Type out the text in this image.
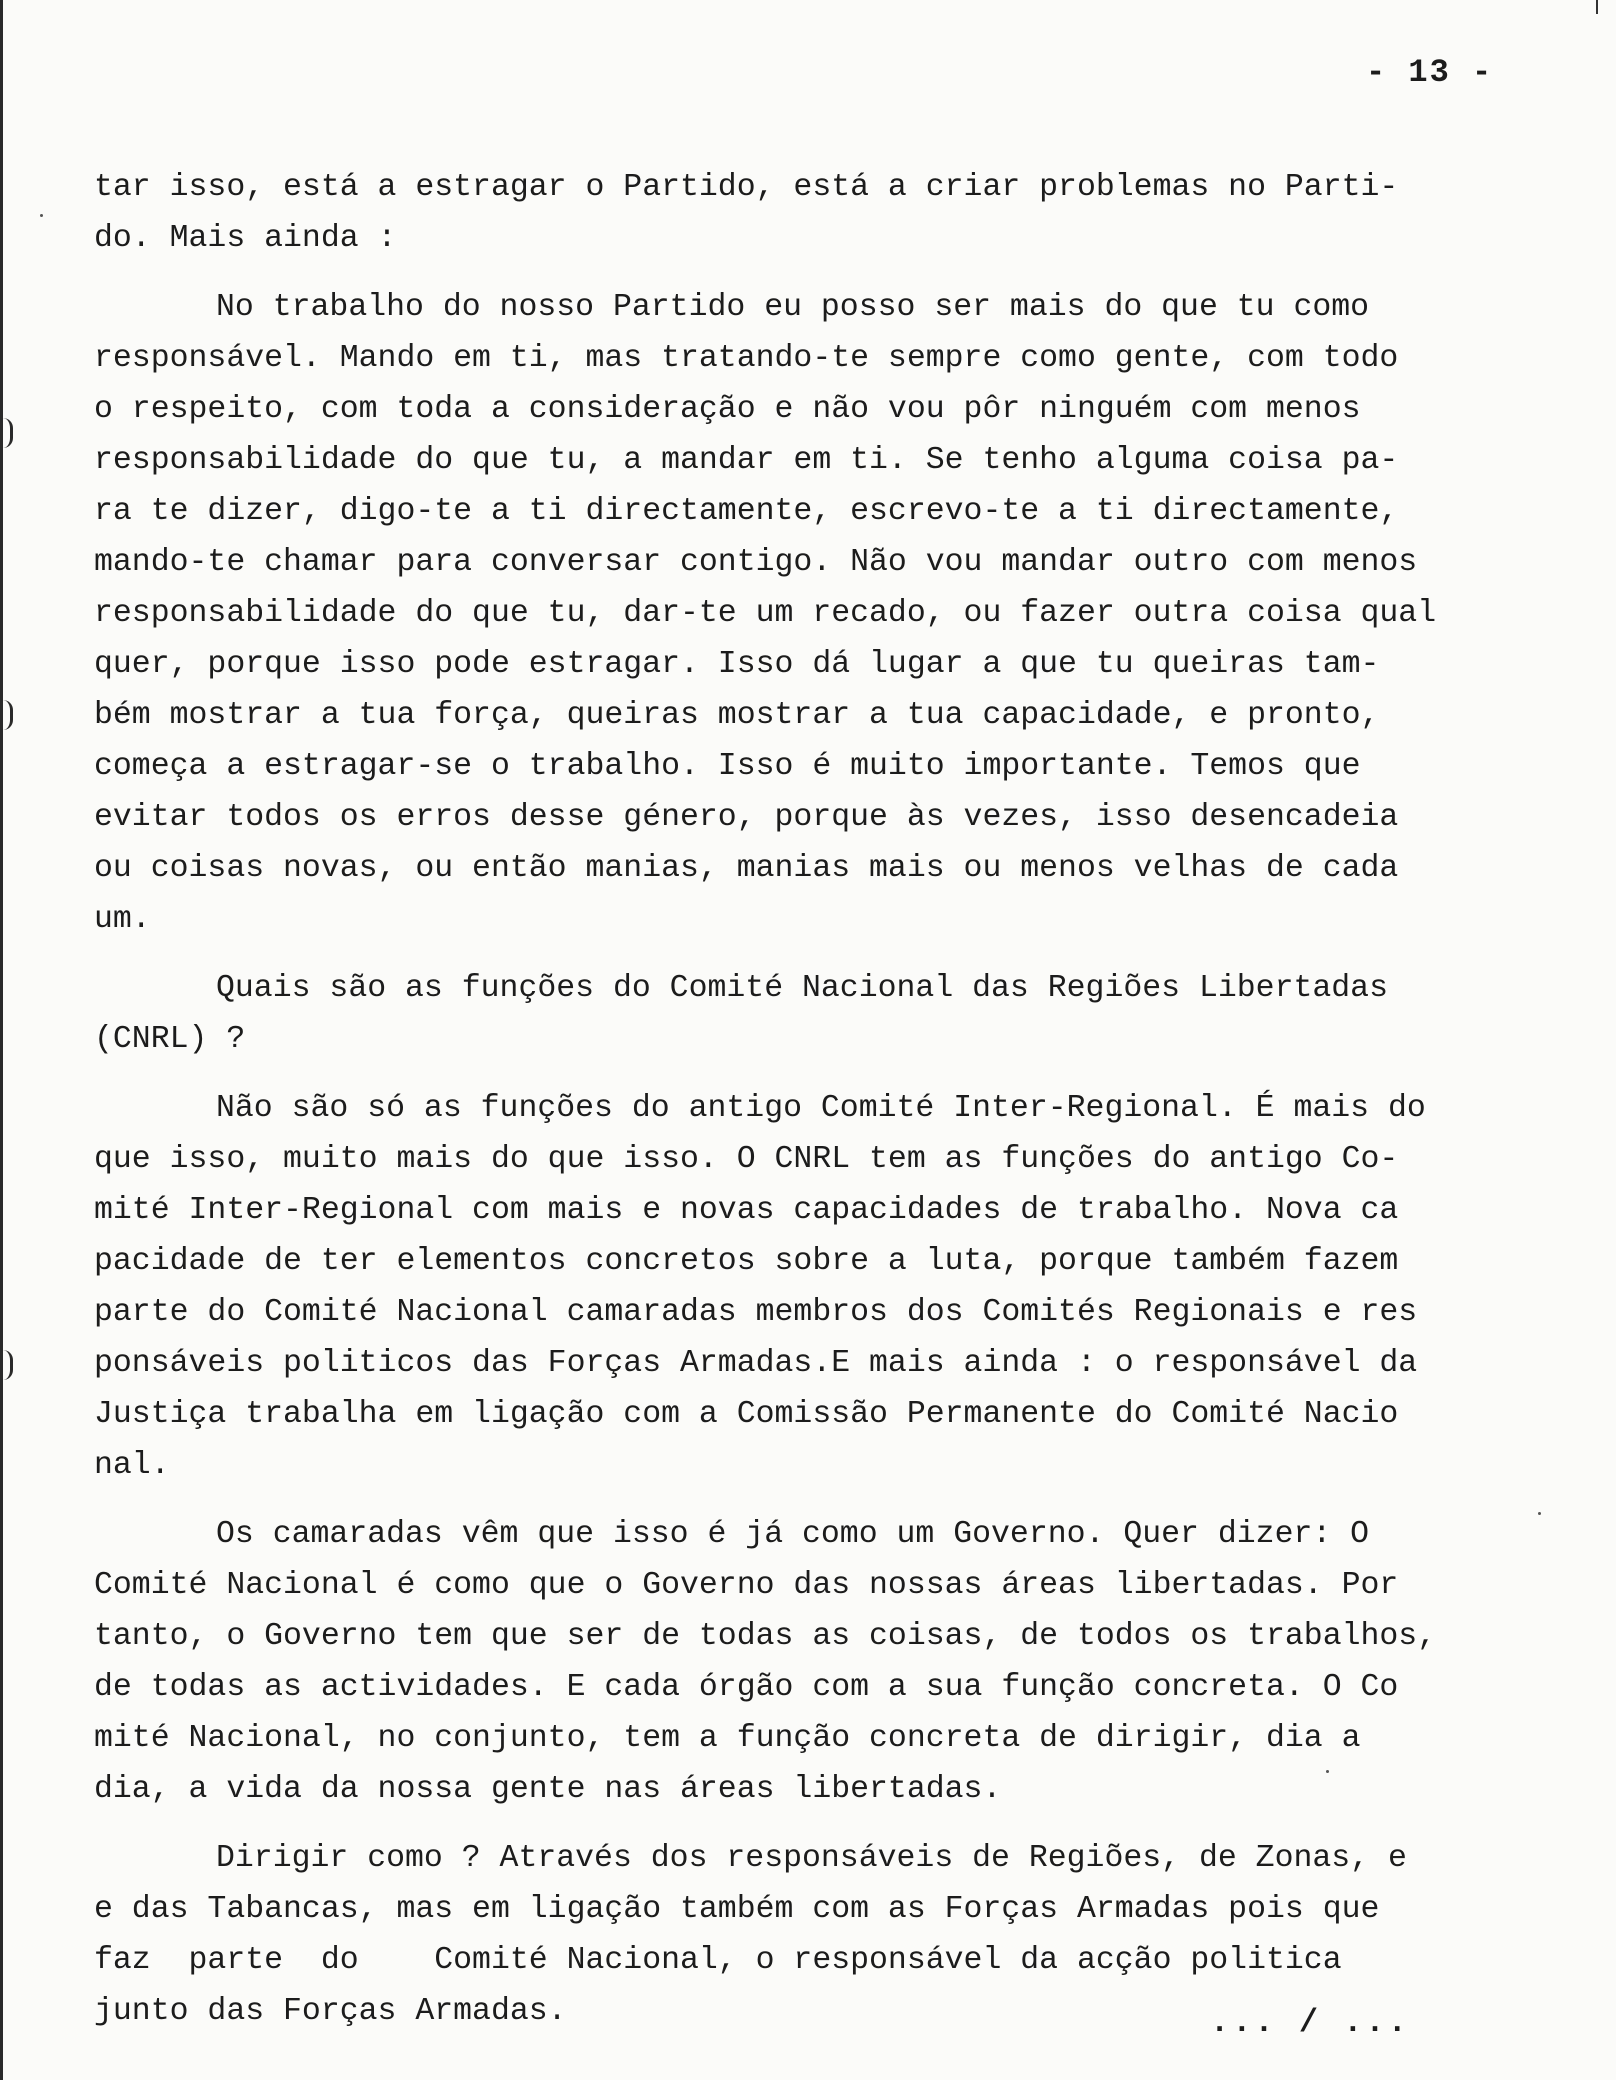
- 13 -
tar isso, está a estragar o Partido, está a criar problemas no Parti-
do. Mais ainda :
No trabalho do nosso Partido eu posso ser mais do que tu como
responsável. Mando em ti, mas tratando-te sempre como gente, com todo
o respeito, com toda a consideração e não vou pôr ninguém com menos
responsabilidade do que tu, a mandar em ti. Se tenho alguma coisa pa-
ra te dizer, digo-te a ti directamente, escrevo-te a ti directamente,
mando-te chamar para conversar contigo. Não vou mandar outro com menos
responsabilidade do que tu, dar-te um recado, ou fazer outra coisa qual
quer, porque isso pode estragar. Isso dá lugar a que tu queiras tam-
bém mostrar a tua força, queiras mostrar a tua capacidade, e pronto,
começa a estragar-se o trabalho. Isso é muito importante. Temos que
evitar todos os erros desse género, porque às vezes, isso desencadeia
ou coisas novas, ou então manias, manias mais ou menos velhas de cada
um.
Quais são as funções do Comité Nacional das Regiões Libertadas
(CNRL) ?
Não são só as funções do antigo Comité Inter-Regional. É mais do
que isso, muito mais do que isso. O CNRL tem as funções do antigo Co-
mité Inter-Regional com mais e novas capacidades de trabalho. Nova ca
pacidade de ter elementos concretos sobre a luta, porque também fazem
parte do Comité Nacional camaradas membros dos Comités Regionais e res
ponsáveis politicos das Forças Armadas.E mais ainda : o responsável da
Justiça trabalha em ligação com a Comissão Permanente do Comité Nacio
nal.
Os camaradas vêm que isso é já como um Governo. Quer dizer: O
Comité Nacional é como que o Governo das nossas áreas libertadas. Por
tanto, o Governo tem que ser de todas as coisas, de todos os trabalhos,
de todas as actividades. E cada órgão com a sua função concreta. O Co
mité Nacional, no conjunto, tem a função concreta de dirigir, dia a
dia, a vida da nossa gente nas áreas libertadas.
Dirigir como ? Através dos responsáveis de Regiões, de Zonas, e
e das Tabancas, mas em ligação também com as Forças Armadas pois que
faz  parte  do    Comité Nacional, o responsável da acção politica
junto das Forças Armadas.	... / ...
